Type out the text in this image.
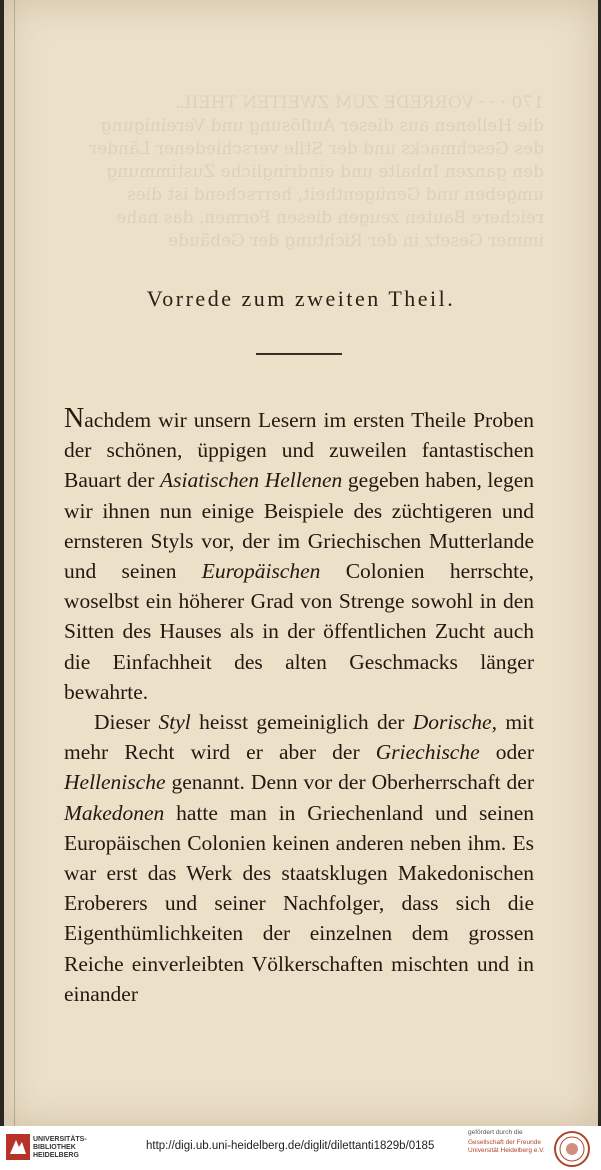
170 · · · VORREDE ZUM ZWEITEN THEIL.
die Hellenen aus dieser Auflösung und Vereinigung
des Geschmacks und der Stile verschiedener Länder
den ganzen Inhalte und eindringliche Zustimmung
umgeben und Genügentheit, herrschend ist dies
reichere Bauten zeugen diesen Formen, das nahe
immer Gesetz in der Richtung der Gebäude
Vorrede zum zweiten Theil.

Nachdem wir unsern Lesern im ersten Theile Proben der schönen, üppigen und zuweilen fantastischen Bauart der Asiatischen Hellenen gegeben haben, legen wir ihnen nun einige Beispiele des züchtigeren und ernsteren Styls vor, der im Griechischen Mutterlande und seinen Europäischen Colonien herrschte, woselbst ein höherer Grad von Strenge sowohl in den Sitten des Hauses als in der öffentlichen Zucht auch die Einfachheit des alten Geschmacks länger bewahrte.

Dieser Styl heisst gemeiniglich der Dorische, mit mehr Recht wird er aber der Griechische oder Hellenische genannt. Denn vor der Oberherrschaft der Makedonen hatte man in Griechenland und seinen Europäischen Colonien keinen anderen neben ihm. Es war erst das Werk des staatsklugen Makedonischen Eroberers und seiner Nachfolger, dass sich die Eigenthümlichkeiten der einzelnen dem grossen Reiche einverleibten Völkerschaften mischten und in einander

UNIVERSITÄTS-
BIBLIOTHEK
HEIDELBERG
http://digi.ub.uni-heidelberg.de/diglit/dilettanti1829b/0185
gefördert durch die
Gesellschaft der Freunde
Universität Heidelberg e.V.
